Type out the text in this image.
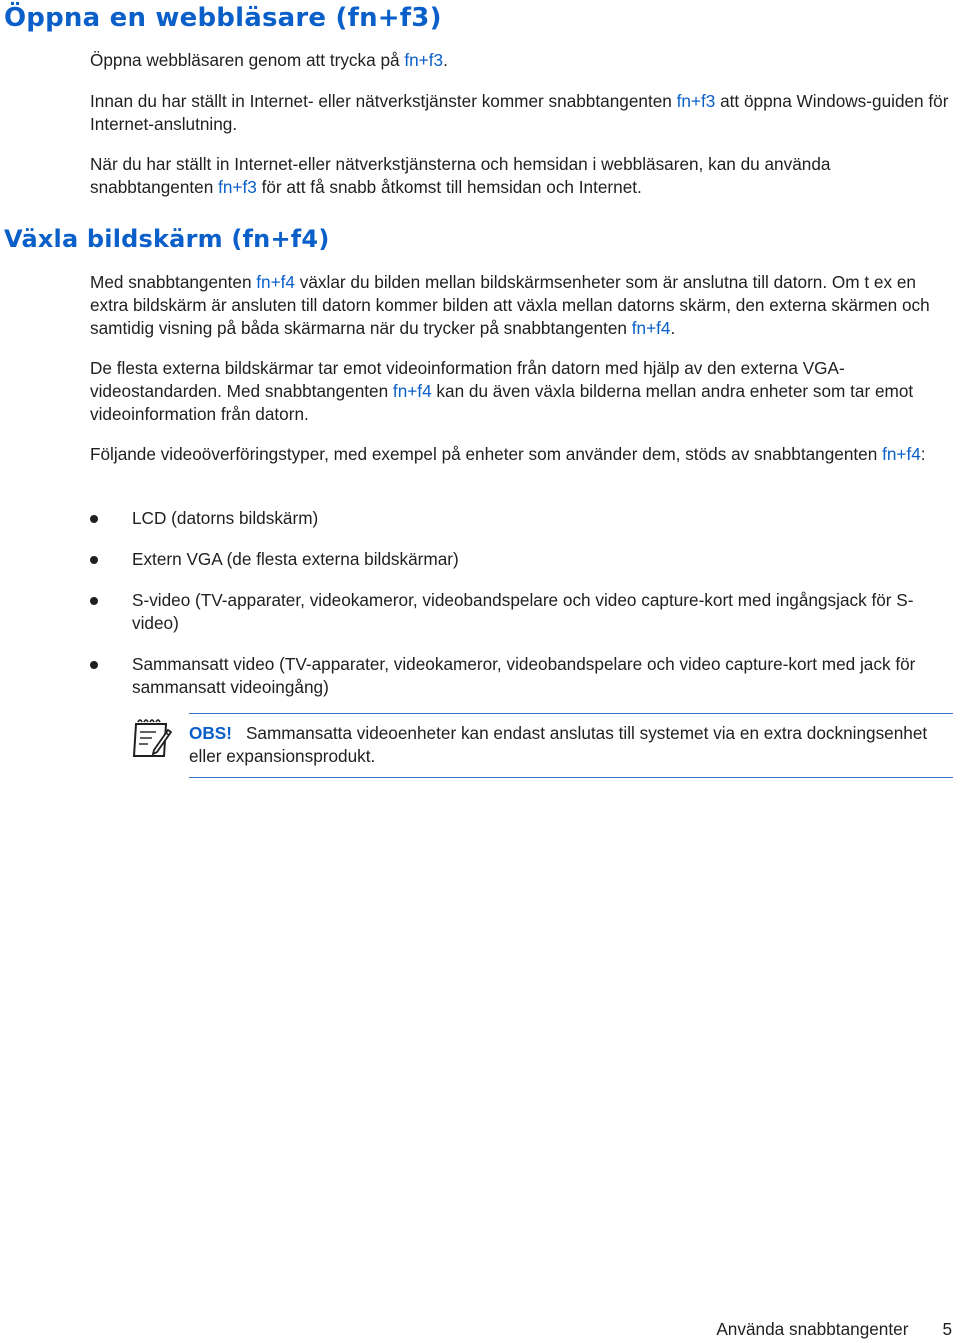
Öppna en webbläsare (fn+f3)

Öppna webbläsaren genom att trycka på fn+f3.

Innan du har ställt in Internet- eller nätverkstjänster kommer snabbtangenten fn+f3 att öppna Windows-guiden för Internet-anslutning.

När du har ställt in Internet-eller nätverkstjänsterna och hemsidan i webbläsaren, kan du använda snabbtangenten fn+f3 för att få snabb åtkomst till hemsidan och Internet.

Växla bildskärm (fn+f4)

Med snabbtangenten fn+f4 växlar du bilden mellan bildskärmsenheter som är anslutna till datorn. Om t ex en extra bildskärm är ansluten till datorn kommer bilden att växla mellan datorns skärm, den externa skärmen och samtidig visning på båda skärmarna när du trycker på snabbtangenten fn+f4.

De flesta externa bildskärmar tar emot videoinformation från datorn med hjälp av den externa VGA-videostandarden. Med snabbtangenten fn+f4 kan du även växla bilderna mellan andra enheter som tar emot videoinformation från datorn.

Följande videoöverföringstyper, med exempel på enheter som använder dem, stöds av snabbtangenten fn+f4:

LCD (datorns bildskärm)
Extern VGA (de flesta externa bildskärmar)
S-video (TV-apparater, videokameror, videobandspelare och video capture-kort med ingångsjack för S-video)
Sammansatt video (TV-apparater, videokameror, videobandspelare och video capture-kort med jack för sammansatt videoingång)
OBS! Sammansatta videoenheter kan endast anslutas till systemet via en extra dockningsenhet eller expansionsprodukt.
Använda snabbtangenter 5
